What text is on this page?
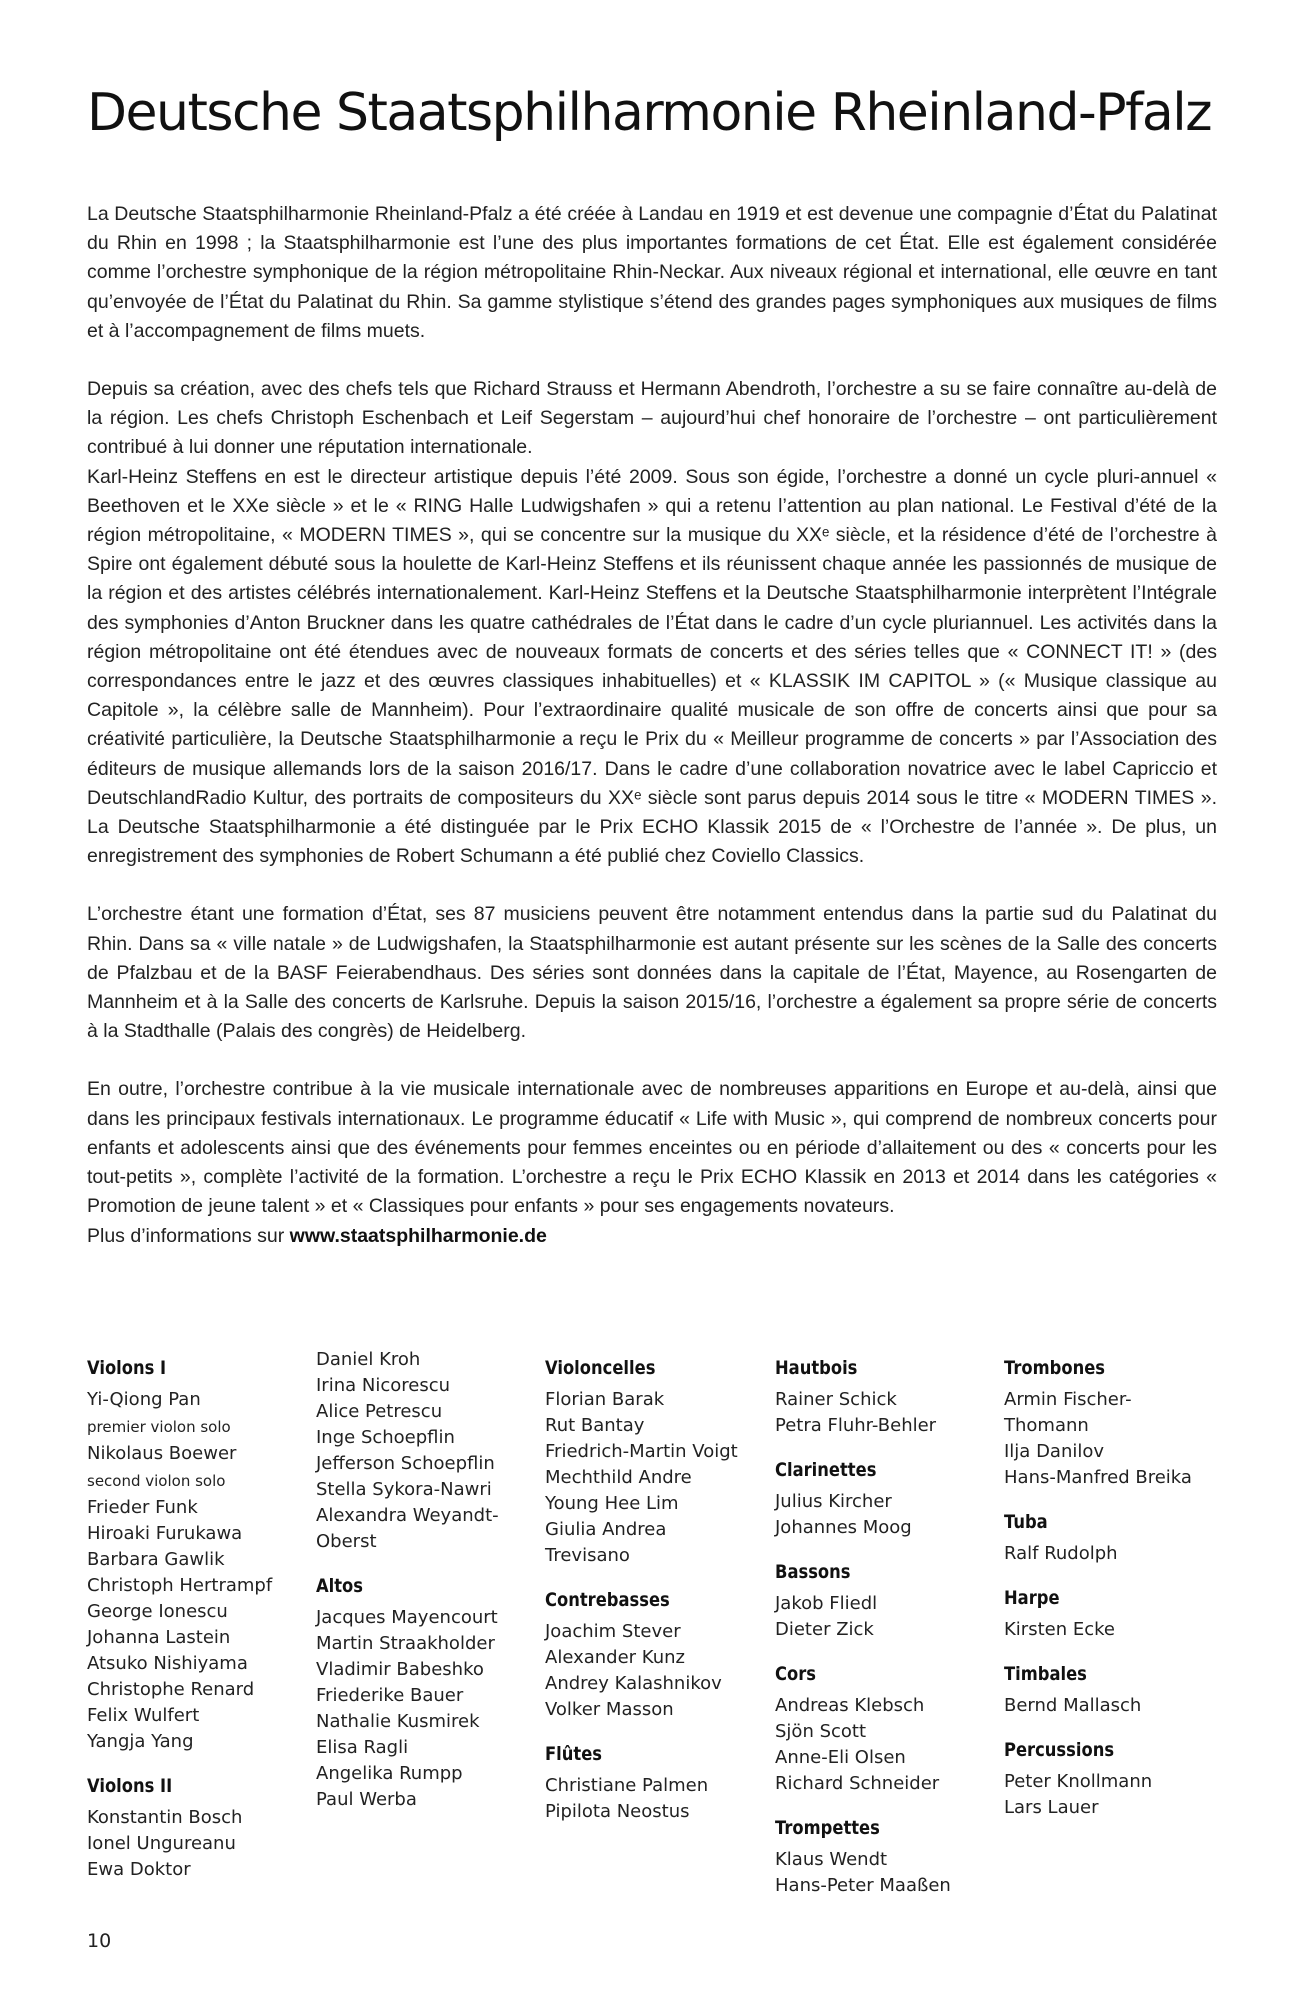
Deutsche Staatsphilharmonie Rheinland-Pfalz

La Deutsche Staatsphilharmonie Rheinland-Pfalz a été créée à Landau en 1919 et est devenue une compagnie d’État du Palatinat du Rhin en 1998 ; la Staatsphilharmonie est l’une des plus importantes formations de cet État. Elle est également considérée comme l’orchestre symphonique de la région métropolitaine Rhin-Neckar. Aux niveaux régional et international, elle œuvre en tant qu’envoyée de l’État du Palatinat du Rhin. Sa gamme stylistique s’étend des grandes pages symphoniques aux musiques de films et à l’accompagnement de films muets.

Depuis sa création, avec des chefs tels que Richard Strauss et Hermann Abendroth, l’orchestre a su se faire connaître au-delà de la région. Les chefs Christoph Eschenbach et Leif Segerstam – aujourd’hui chef honoraire de l’orchestre – ont particulièrement contribué à lui donner une réputation internationale.

Karl-Heinz Steffens en est le directeur artistique depuis l’été 2009. Sous son égide, l’orchestre a donné un cycle pluri-annuel « Beethoven et le XXe siècle » et le « RING Halle Ludwigshafen » qui a retenu l’attention au plan national. Le Festival d’été de la région métropolitaine, « MODERN TIMES », qui se concentre sur la musique du XXᵉ siècle, et la résidence d’été de l’orchestre à Spire ont également débuté sous la houlette de Karl-Heinz Steffens et ils réunissent chaque année les passionnés de musique de la région et des artistes célébrés internationalement. Karl-Heinz Steffens et la Deutsche Staatsphilharmonie interprètent l’Intégrale des symphonies d’Anton Bruckner dans les quatre cathédrales de l’État dans le cadre d’un cycle pluriannuel. Les activités dans la région métropolitaine ont été étendues avec de nouveaux formats de concerts et des séries telles que « CONNECT IT! » (des correspondances entre le jazz et des œuvres classiques inhabituelles) et « KLASSIK IM CAPITOL » (« Musique classique au Capitole », la célèbre salle de Mannheim). Pour l’extraordinaire qualité musicale de son offre de concerts ainsi que pour sa créativité particulière, la Deutsche Staatsphilharmonie a reçu le Prix du « Meilleur programme de concerts » par l’Association des éditeurs de musique allemands lors de la saison 2016/17. Dans le cadre d’une collaboration novatrice avec le label Capriccio et DeutschlandRadio Kultur, des portraits de compositeurs du XXᵉ siècle sont parus depuis 2014 sous le titre « MODERN TIMES ». La Deutsche Staatsphilharmonie a été distinguée par le Prix ECHO Klassik 2015 de « l’Orchestre de l’année ». De plus, un enregistrement des symphonies de Robert Schumann a été publié chez Coviello Classics.

L’orchestre étant une formation d’État, ses 87 musiciens peuvent être notamment entendus dans la partie sud du Palatinat du Rhin. Dans sa « ville natale » de Ludwigshafen, la Staatsphilharmonie est autant présente sur les scènes de la Salle des concerts de Pfalzbau et de la BASF Feierabendhaus. Des séries sont données dans la capitale de l’État, Mayence, au Rosengarten de Mannheim et à la Salle des concerts de Karlsruhe. Depuis la saison 2015/16, l’orchestre a également sa propre série de concerts à la Stadthalle (Palais des congrès) de Heidelberg.

En outre, l’orchestre contribue à la vie musicale internationale avec de nombreuses apparitions en Europe et au-delà, ainsi que dans les principaux festivals internationaux. Le programme éducatif « Life with Music », qui comprend de nombreux concerts pour enfants et adolescents ainsi que des événements pour femmes enceintes ou en période d’allaitement ou des « concerts pour les tout-petits », complète l’activité de la formation. L’orchestre a reçu le Prix ECHO Klassik en 2013 et 2014 dans les catégories « Promotion de jeune talent » et « Classiques pour enfants » pour ses engagements novateurs.

Plus d’informations sur www.staatsphilharmonie.de

Violons I
Yi-Qiong Pan
premier violon solo
Nikolaus Boewer
second violon solo
Frieder Funk
Hiroaki Furukawa
Barbara Gawlik
Christoph Hertrampf
George Ionescu
Johanna Lastein
Atsuko Nishiyama
Christophe Renard
Felix Wulfert
Yangja Yang
Violons II
Konstantin Bosch
Ionel Ungureanu
Ewa Doktor
Daniel Kroh
Irina Nicorescu
Alice Petrescu
Inge Schoepflin
Jefferson Schoepflin
Stella Sykora-Nawri
Alexandra Weyandt-
Oberst
Altos
Jacques Mayencourt
Martin Straakholder
Vladimir Babeshko
Friederike Bauer
Nathalie Kusmirek
Elisa Ragli
Angelika Rumpp
Paul Werba
Violoncelles
Florian Barak
Rut Bantay
Friedrich-Martin Voigt
Mechthild Andre
Young Hee Lim
Giulia Andrea
Trevisano
Contrebasses
Joachim Stever
Alexander Kunz
Andrey Kalashnikov
Volker Masson
Flûtes
Christiane Palmen
Pipilota Neostus
Hautbois
Rainer Schick
Petra Fluhr-Behler
Clarinettes
Julius Kircher
Johannes Moog
Bassons
Jakob Fliedl
Dieter Zick
Cors
Andreas Klebsch
Sjön Scott
Anne-Eli Olsen
Richard Schneider
Trompettes
Klaus Wendt
Hans-Peter Maaßen
Trombones
Armin Fischer-
Thomann
Ilja Danilov
Hans-Manfred Breika
Tuba
Ralf Rudolph
Harpe
Kirsten Ecke
Timbales
Bernd Mallasch
Percussions
Peter Knollmann
Lars Lauer
10
